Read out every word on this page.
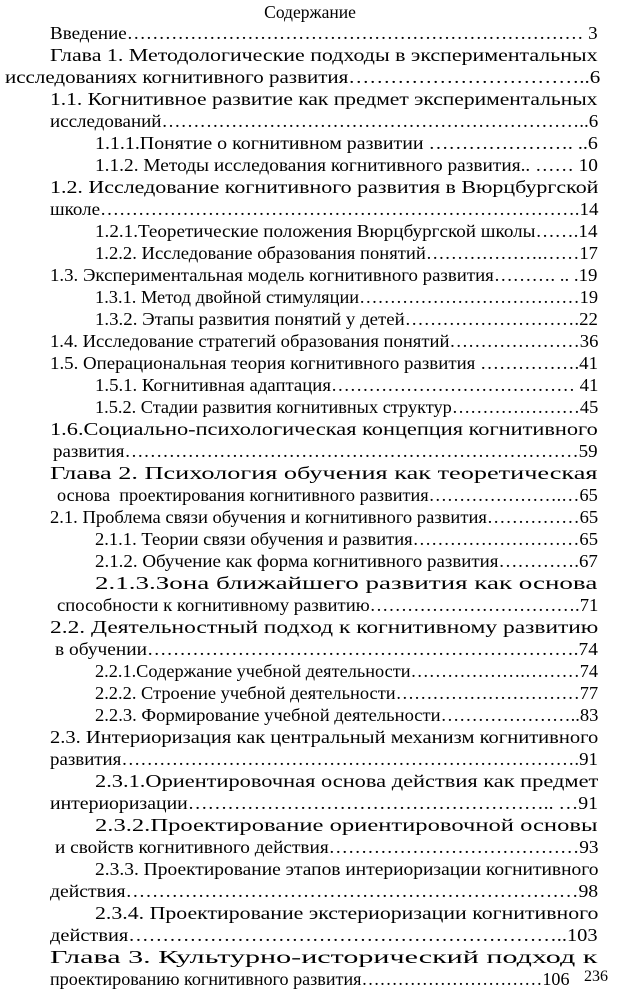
Содержание
Введение……………………………………………………………… 3
Глава 1. Методологические подходы в экспериментальных
исследованиях когнитивного развития……………………………..6
1.1. Когнитивное развитие как предмет экспериментальных
исследований…………………………………………………………..6
1.1.1.Понятие о когнитивном развитии …………………. ..6
1.1.2. Методы исследования когнитивного развития.. …… 10
1.2. Исследование когнитивного развития в Вюрцбургской
школе………………………………………………………………….14
1.2.1.Теоретические положения Вюрцбургской школы…….14
1.2.2. Исследование образования понятий……………….……17
1.3. Экспериментальная модель когнитивного развития………. .. .19
1.3.1. Метод двойной стимуляции………………………………19
1.3.2. Этапы развития понятий у детей……………………….22
1.4. Исследование стратегий образования понятий…………………36
1.5. Операциональная теория когнитивного развития …………….41
1.5.1. Когнитивная адаптация………………………………… 41
1.5.2. Стадии развития когнитивных структур…………………45
1.6.Социально-психологическая концепция когнитивного
развития………………………………………………………………59
Глава 2. Психология обучения как теоретическая
основа  проектирования когнитивного развития………………….…65
2.1. Проблема связи обучения и когнитивного развития……………65
2.1.1. Теории связи обучения и развития………………………65
2.1.2. Обучение как форма когнитивного развития………….67
2.1.3.Зона ближайшего развития как основа
способности к когнитивному развитию…………………………….71
2.2. Деятельностный подход к когнитивному развитию
в обучении………………………………………………………….74
2.2.1.Содержание учебной деятельности……………….………74
2.2.2. Строение учебной деятельности…………………………77
2.2.3. Формирование учебной деятельности…………………..83
2.3. Интериоризация как центральный механизм когнитивного
развития……………………………………………………………….91
2.3.1.Ориентировочная основа действия как предмет
интериоризации……………………………………………….. …91
2.3.2.Проектирование ориентировочной основы
и свойств когнитивного действия…………………………………93
2.3.3. Проектирование этапов интериоризации когнитивного
действия……………………………………………………………98
2.3.4. Проектирование экстериоризации когнитивного
действия………………………………………………………..103
Глава 3. Культурно-исторический подход к
проектированию когнитивного развития…………………………106 236
